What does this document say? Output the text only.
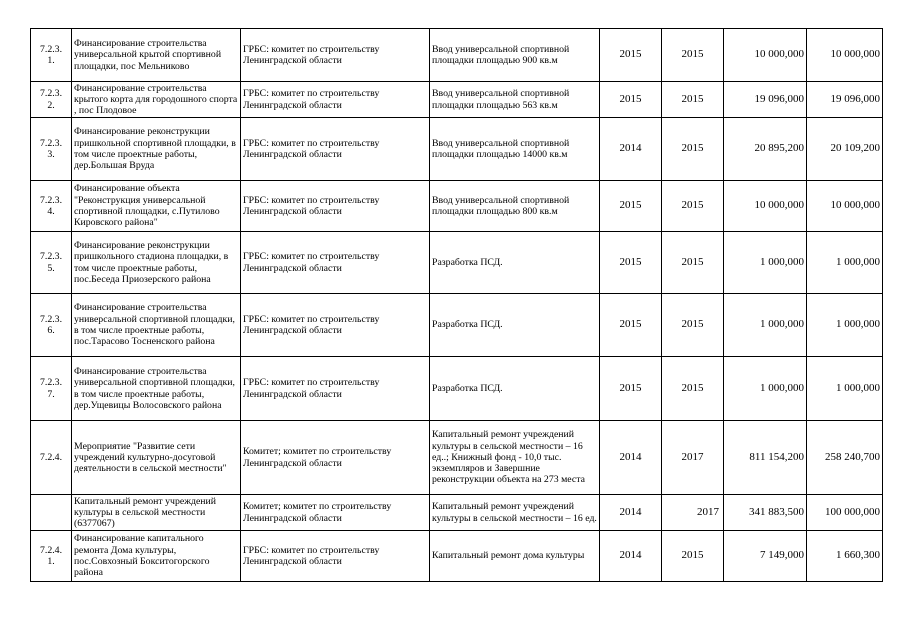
7.2.3.
1.	Финансирование строительства универсальной крытой спортивной площадки, пос Мельниково	ГРБС: комитет по строительству Ленинградской области	Ввод универсальной спортивной площадки площадью 900 кв.м	2015	2015	10 000,000	10 000,000

7.2.3.
2.	Финансирование строительства крытого корта для городошного спорта , пос Плодовое	ГРБС: комитет по строительству Ленинградской области	Ввод универсальной спортивной площадки площадью 563 кв.м	2015	2015	19 096,000	19 096,000

7.2.3.
3.	Финансирование реконструкции пришкольной спортивной площадки, в том числе проектные работы, дер.Большая Вруда	ГРБС: комитет по строительству Ленинградской области	Ввод универсальной спортивной площадки площадью 14000 кв.м	2014	2015	20 895,200	20 109,200

7.2.3.
4.	Финансирование объекта "Реконструкция универсальной спортивной площадки, с.Путилово Кировского района"	ГРБС: комитет по строительству Ленинградской области	Ввод универсальной спортивной площадки площадью 800 кв.м	2015	2015	10 000,000	10 000,000

7.2.3.
5.	Финансирование реконструкции пришкольного стадиона площадки, в том числе проектные работы, пос.Беседа Приозерского района	ГРБС: комитет по строительству Ленинградской области	Разработка ПСД.	2015	2015	1 000,000	1 000,000

7.2.3.
6.	Финансирование строительства универсальной спортивной площадки, в том числе проектные работы, пос.Тарасово Тосненского района	ГРБС: комитет по строительству Ленинградской области	Разработка ПСД.	2015	2015	1 000,000	1 000,000

7.2.3.
7.	Финансирование строительства универсальной спортивной площадки, в том числе проектные работы, дер.Ущевицы Волосовского района	ГРБС: комитет по строительству Ленинградской области	Разработка ПСД.	2015	2015	1 000,000	1 000,000

7.2.4.	Мероприятие "Развитие сети учреждений культурно-досуговой деятельности в сельской местности"	Комитет; комитет по строительству Ленинградской области	Капитальный ремонт учреждений культуры в сельской местности – 16 ед..; Книжный фонд - 10,0 тыс. экземпляров и Завершние реконструкции объекта на 273 места	2014	2017	811 154,200	258 240,700

	Капитальный ремонт учреждений культуры в сельской местности (6377067)	Комитет; комитет по строительству Ленинградской области	Капитальный ремонт учреждений культуры в сельской местности – 16 ед.	2014	2017	341 883,500	100 000,000

7.2.4.
1.	Финансирование капитального ремонта Дома культуры, пос.Совхозный Бокситогорского района	ГРБС: комитет по строительству Ленинградской области	Капитальный ремонт дома культуры	2014	2015	7 149,000	1 660,300
